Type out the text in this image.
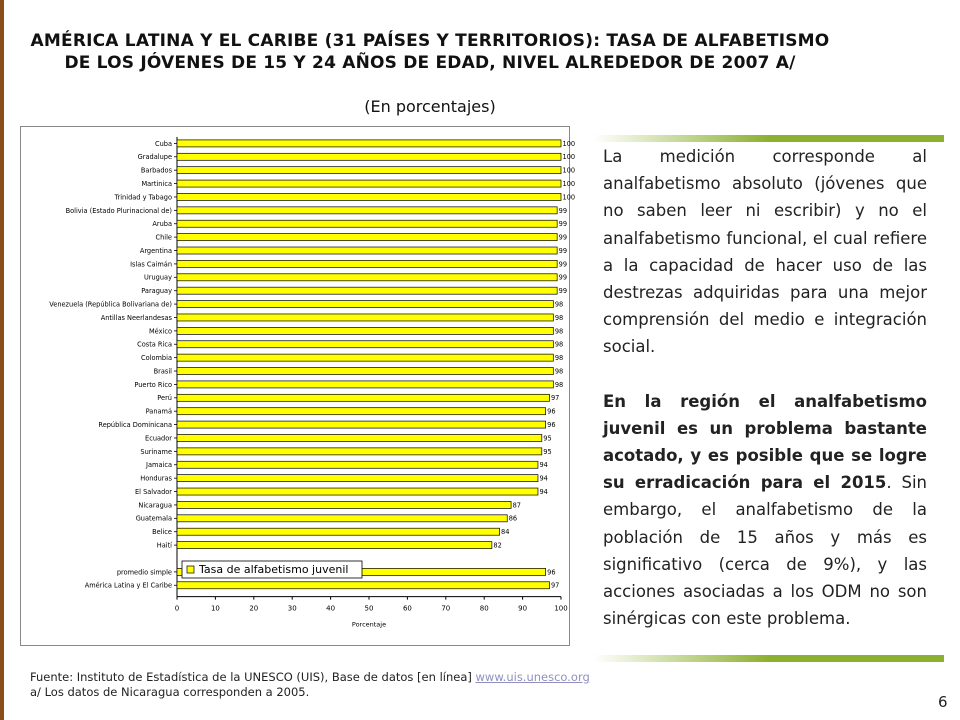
AMÉRICA LATINA Y EL CARIBE (31 PAÍSES Y TERRITORIOS): TASA DE ALFABETISMO DE LOS JÓVENES DE 15 Y 24 AÑOS DE EDAD, NIVEL ALREDEDOR DE 2007 A/
(En porcentajes)
0	10	20	30	40	50	60	70	80	90	100
Porcentaje
Cuba	100
Gradalupe	100
Barbados	100
Martinica	100
Trinidad y Tabago	100
Bolivia (Estado Plurinacional de)	99
Aruba	99
Chile	99
Argentina	99
Islas Caimán	99
Uruguay	99
Paraguay	99
Venezuela (República Bolivariana de)	98
Antillas Neerlandesas	98
México	98
Costa Rica	98
Colombia	98
Brasil	98
Puerto Rico	98
Perú	97
Panamá	96
República Dominicana	96
Ecuador	95
Suriname	95
Jamaica	94
Honduras	94
El Salvador	94
Nicaragua	87
Guatemala	86
Belice	84
Haití	82
promedio simple	96
América Latina y El Caribe	97
Tasa de alfabetismo juvenil

La medición corresponde al analfabetismo absoluto (jóvenes que no saben leer ni escribir) y no el analfabetismo funcional, el cual refiere a la capacidad de hacer uso de las destrezas adquiridas para una mejor comprensión del medio e integración social.

En la región el analfabetismo juvenil es un problema bastante acotado, y es posible que se logre su erradicación para el 2015. Sin embargo, el analfabetismo de la población de 15 años y más es significativo (cerca de 9%), y las acciones asociadas a los ODM no son sinérgicas con este problema.

Fuente: Instituto de Estadística de la UNESCO (UIS), Base de datos [en línea] www.uis.unesco.org
a/ Los datos de Nicaragua corresponden a 2005.
6
